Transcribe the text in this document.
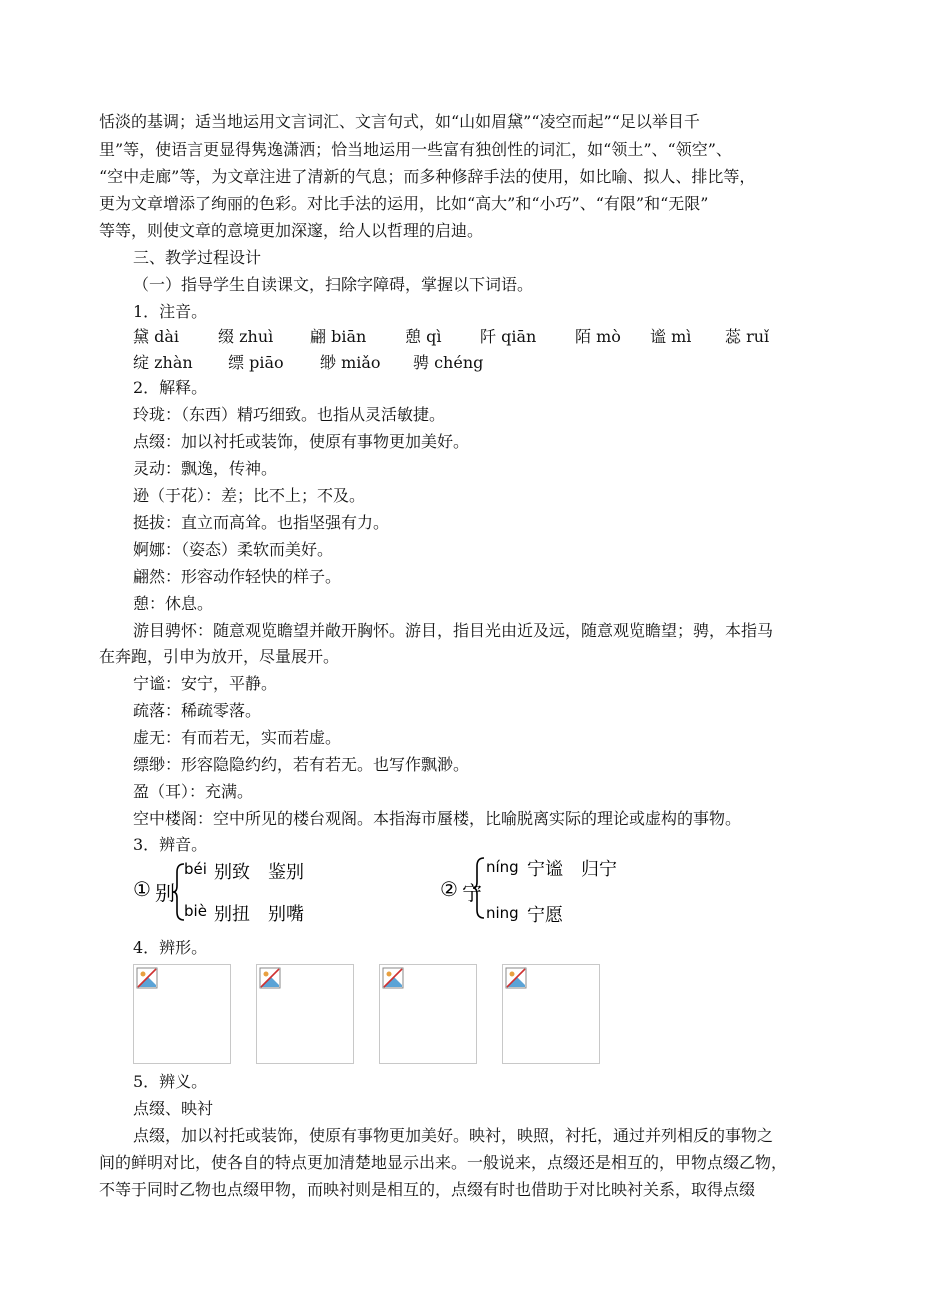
恬淡的基调；适当地运用文言词汇、文言句式，如“山如眉黛”“凌空而起”“足以举目千
里”等，使语言更显得隽逸潇洒；恰当地运用一些富有独创性的词汇，如“领土”、“领空”、
“空中走廊”等，为文章注进了清新的气息；而多种修辞手法的使用，如比喻、拟人、排比等，
更为文章增添了绚丽的色彩。对比手法的运用，比如“高大”和“小巧”、“有限”和“无限”
等等，则使文章的意境更加深邃，给人以哲理的启迪。
三、教学过程设计
（一）指导学生自读课文，扫除字障碍，掌握以下词语。
1．注音。
黛 dài 缀 zhuì 翩 biān 憩 qì 阡 qiān 陌 mò 谧 mì 蕊 ruǐ
绽 zhàn 缥 piāo 缈 miǎo 骋 chéng
2．解释。
玲珑：（东西）精巧细致。也指从灵活敏捷。
点缀：加以衬托或装饰，使原有事物更加美好。
灵动：飘逸，传神。
逊（于花）：差；比不上；不及。
挺拔：直立而高耸。也指坚强有力。
婀娜：（姿态）柔软而美好。
翩然：形容动作轻快的样子。
憩：休息。
游目骋怀：随意观览瞻望并敞开胸怀。游目，指目光由近及远，随意观览瞻望；骋，本指马
在奔跑，引申为放开，尽量展开。
宁谧：安宁，平静。
疏落：稀疏零落。
虚无：有而若无，实而若虚。
缥缈：形容隐隐约约，若有若无。也写作飘渺。
盈（耳）：充满。
空中楼阁：空中所见的楼台观阁。本指海市蜃楼，比喻脱离实际的理论或虚构的事物。
3．辨音。
① 别
béi 别致　鉴别
biè 别扭　别嘴
② 宁
níng 宁谧　归宁
ning 宁愿
4．辨形。
5．辨义。
点缀、映衬
点缀，加以衬托或装饰，使原有事物更加美好。映衬，映照，衬托，通过并列相反的事物之
间的鲜明对比，使各自的特点更加清楚地显示出来。一般说来，点缀还是相互的，甲物点缀乙物，
不等于同时乙物也点缀甲物，而映衬则是相互的，点缀有时也借助于对比映衬关系，取得点缀
